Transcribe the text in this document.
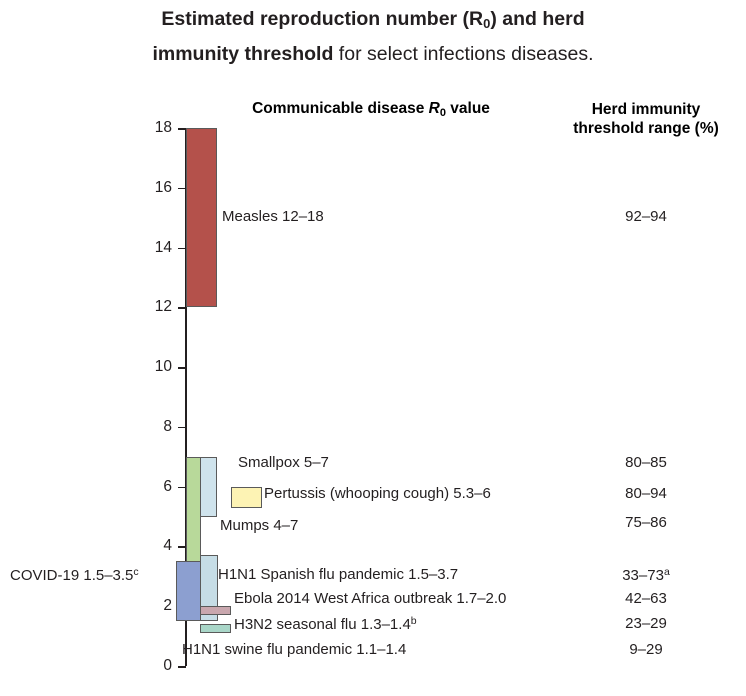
Estimated reproduction number $(R_0)$ and herd
immunity threshold for select infections diseases.
Communicable disease $R_0$ value	Herd immunity
threshold range (%)
18
16
14
12
10
8
6
4
2
0
Measles 12–18
Smallpox 5–7
Pertussis (whooping cough) 5.3–6
Mumps 4–7
COVID-19 1.5–3.5$^c$	H1N1 Spanish flu pandemic 1.5–3.7
Ebola 2014 West Africa outbreak 1.7–2.0
H3N2 seasonal flu 1.3–1.4$^b$
H1N1 swine flu pandemic 1.1–1.4
92–94
80–85
80–94
75–86
33–73$^a$
42–63
23–29
9–29
